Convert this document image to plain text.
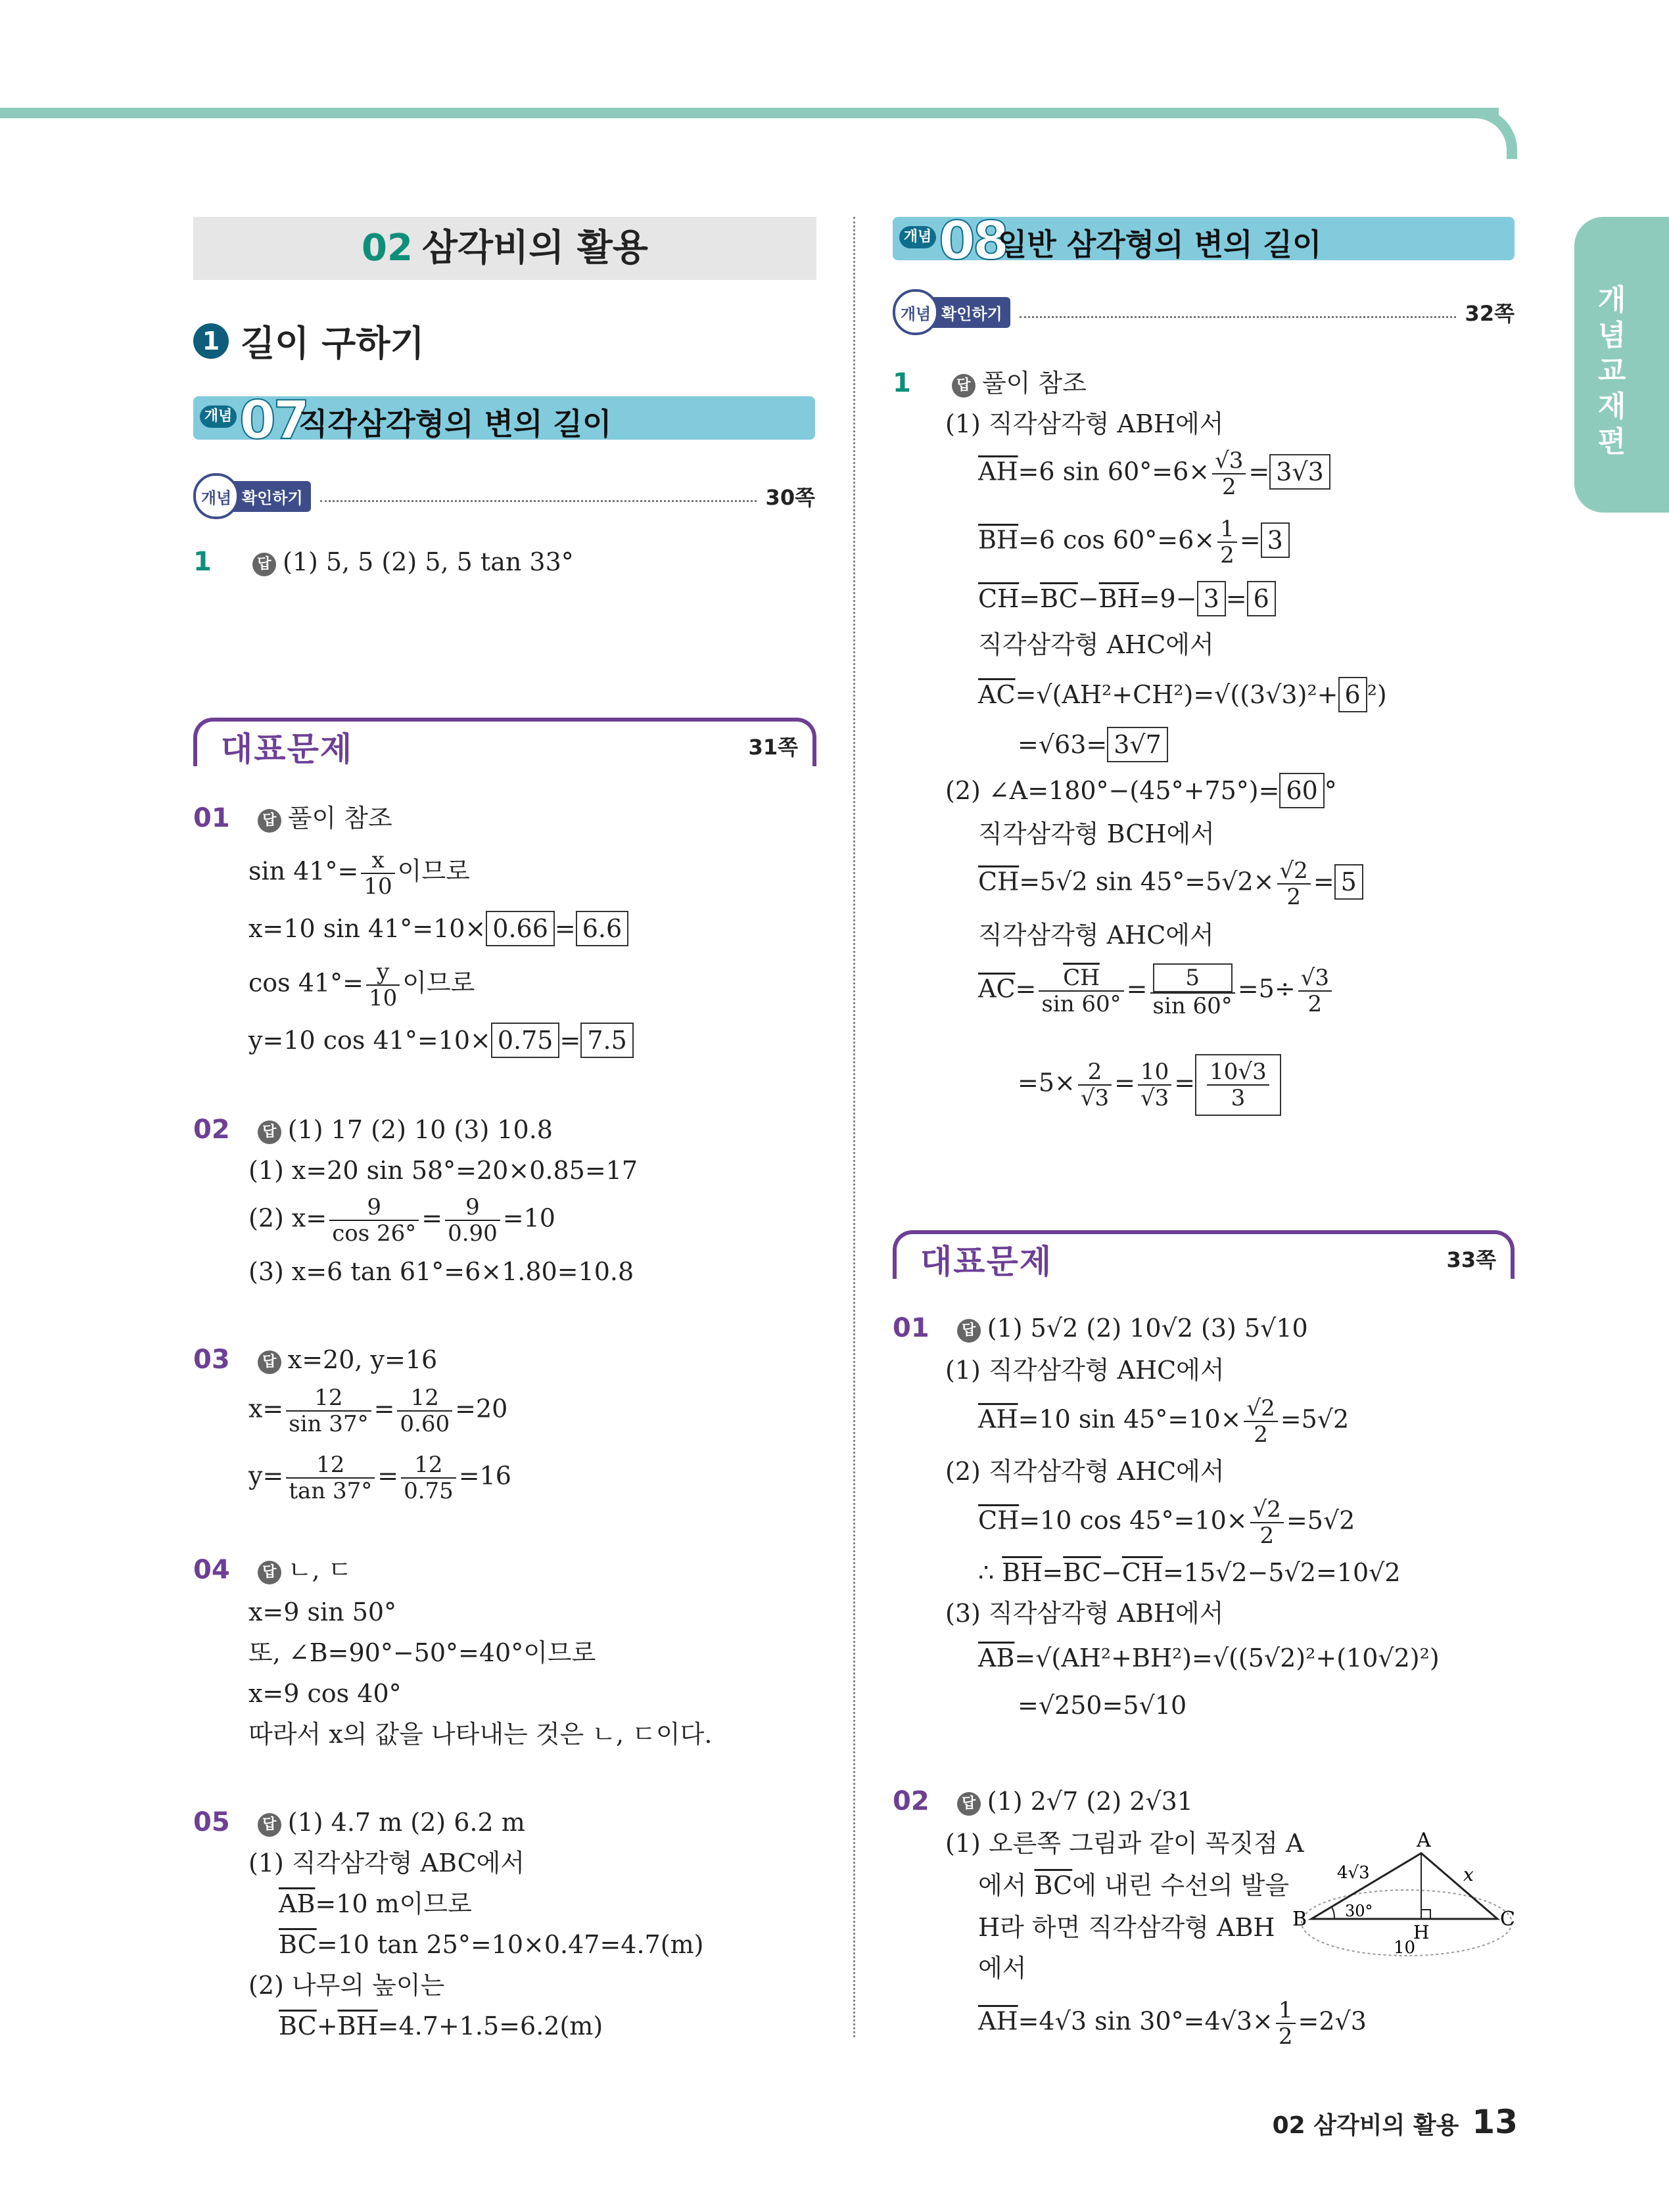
개념교재편
02 삼각비의 활용
1 길이 구하기
개념 07
직각삼각형의 변의 길이
개념 확인하기	30쪽
1	답 (1) 5, 5 (2) 5, 5 tan 33°
대표문제	31쪽
01 답 풀이 참조
$\sin 41^\circ= \frac{x}{10}$ 이므로
x=10 sin 41°=10× 0.66 = 6.6
$\cos 41^\circ= \frac{y}{10}$ 이므로
y=10 cos 41°=10× 0.75 = 7.5
02 답 (1) 17 (2) 10 (3) 10.8
(1) x=20 sin 58°=20×0.85=17
(2) $x= \frac{9}{\cos 26^\circ} = \frac{9}{0.90} =10$
(3) x=6 tan 61°=6×1.80=10.8
03 답 x=20, y=16
$x= \frac{12}{\sin 37^\circ} = \frac{12}{0.60} =20$
$y= \frac{12}{\tan 37^\circ} = \frac{12}{0.75} =16$
04 답 ㄴ, ㄷ
x=9 sin 50°
또, ∠B=90°−50°=40°이므로
x=9 cos 40°
따라서 x의 값을 나타내는 것은 ㄴ, ㄷ이다.
05 답 (1) 4.7 m (2) 6.2 m
(1) 직각삼각형 ABC에서
$\overline{AB}=10$ m이므로
$\overline{BC}=10$ tan 25°=10×0.47=4.7(m)
(2) 나무의 높이는
$\overline{BC}+\overline{BH}=4.7+1.5=6.2(m)$
개념 08
일반 삼각형의 변의 길이
개념 확인하기	32쪽
1	답 풀이 참조
(1) 직각삼각형 ABH에서
$\overline{AH}=6$ $\sin 60^\circ=6\times \frac{√3}{2} = 3√3$
$\overline{BH}=6$ $\cos 60^\circ=6\times \frac{1}{2} = 3$
$\overline{CH}=\overline{BC}-\overline{BH}=9- 3 = 6$
직각삼각형 AHC에서
$\overline{AC}=√(AH^2+CH^2)=√((3√3)^2+ 6$ ²)
=√63= 3√7
(2) ∠A=180°−(45°+75°)= 60 °
직각삼각형 BCH에서
$\overline{CH}=5√2$ $\sin 45^\circ=5√2\times \frac{√2}{2} = 5$
직각삼각형 AHC에서
$\overline{AC}= \frac{\overline{CH}}{\sin 60^\circ} = \frac{5}{\sin 60^\circ} =5\div \frac{√3}{2}$
$=5\times \frac{2}{√3} = \frac{10}{√3} = \frac{10√3}{3}$
대표문제	33쪽
01 답 (1) 5√2 (2) 10√2 (3) 5√10
(1) 직각삼각형 AHC에서
$\overline{AH}=10$ $\sin 45^\circ=10\times \frac{√2}{2} =5√2$
(2) 직각삼각형 AHC에서
$\overline{CH}=10$ $\cos 45^\circ=10\times \frac{√2}{2} =5√2$
∴ $\overline{BH}=\overline{BC}-\overline{CH}=15√2-5√2=10√2$
(3) 직각삼각형 ABH에서
$\overline{AB}=√(AH^2+BH^2)=√((5√2)^2+(10√2)^2)$
=√250=5√10
02 답 (1) 2√7 (2) 2√31
(1) 오른쪽 그림과 같이 꼭짓점 A
에서 $\overline{BC}$에 내린 수선의 발을
H라 하면 직각삼각형 ABH
에서
$\overline{AH}=4√3$ $\sin 30^\circ=4√3\times \frac{1}{2} =2√3$
A
B	C
H
4√3
30°
10
x
02 삼각비의 활용 13
